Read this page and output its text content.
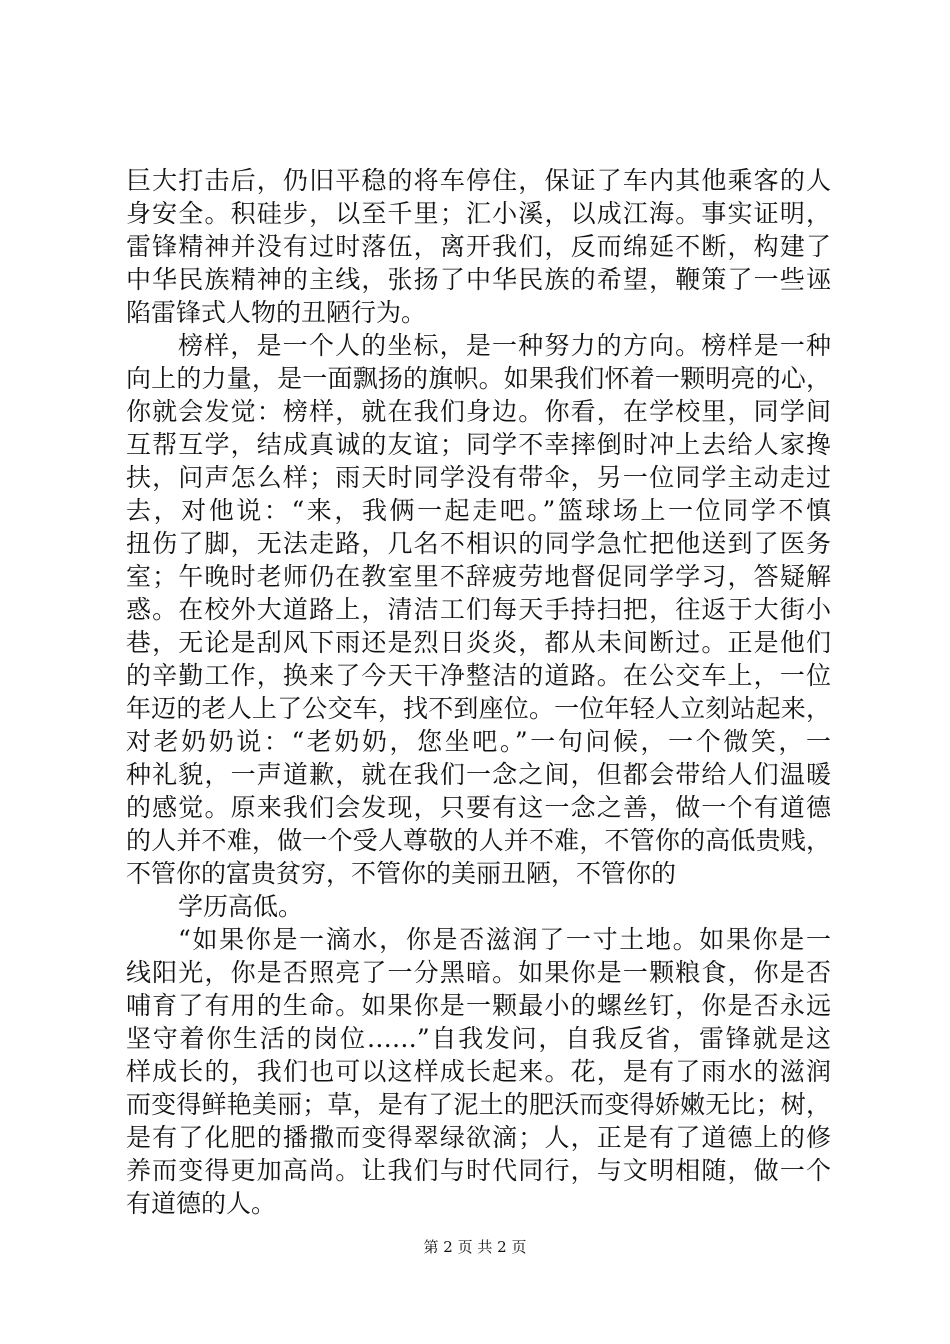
巨大打击后，仍旧平稳的将车停住，保证了车内其他乘客的人
身安全。积硅步，以至千里；汇小溪，以成江海。事实证明，
雷锋精神并没有过时落伍，离开我们，反而绵延不断，构建了
中华民族精神的主线，张扬了中华民族的希望，鞭策了一些诬
陷雷锋式人物的丑陋行为。
榜样，是一个人的坐标，是一种努力的方向。榜样是一种
向上的力量，是一面飘扬的旗帜。如果我们怀着一颗明亮的心，
你就会发觉：榜样，就在我们身边。你看，在学校里，同学间
互帮互学，结成真诚的友谊；同学不幸摔倒时冲上去给人家搀
扶，问声怎么样；雨天时同学没有带伞，另一位同学主动走过
去，对他说：“来，我俩一起走吧。”篮球场上一位同学不慎
扭伤了脚，无法走路，几名不相识的同学急忙把他送到了医务
室；午晚时老师仍在教室里不辞疲劳地督促同学学习，答疑解
惑。在校外大道路上，清洁工们每天手持扫把，往返于大街小
巷，无论是刮风下雨还是烈日炎炎，都从未间断过。正是他们
的辛勤工作，换来了今天干净整洁的道路。在公交车上，一位
年迈的老人上了公交车，找不到座位。一位年轻人立刻站起来，
对老奶奶说：“老奶奶，您坐吧。”一句问候，一个微笑，一
种礼貌，一声道歉，就在我们一念之间，但都会带给人们温暖
的感觉。原来我们会发现，只要有这一念之善，做一个有道德
的人并不难，做一个受人尊敬的人并不难，不管你的高低贵贱，
不管你的富贵贫穷，不管你的美丽丑陋，不管你的
学历高低。
“如果你是一滴水，你是否滋润了一寸土地。如果你是一
线阳光，你是否照亮了一分黑暗。如果你是一颗粮食，你是否
哺育了有用的生命。如果你是一颗最小的螺丝钉，你是否永远
坚守着你生活的岗位……”自我发问，自我反省，雷锋就是这
样成长的，我们也可以这样成长起来。花，是有了雨水的滋润
而变得鲜艳美丽；草，是有了泥土的肥沃而变得娇嫩无比；树，
是有了化肥的播撒而变得翠绿欲滴；人，正是有了道德上的修
养而变得更加高尚。让我们与时代同行，与文明相随，做一个
有道德的人。
第 2 页 共 2 页
